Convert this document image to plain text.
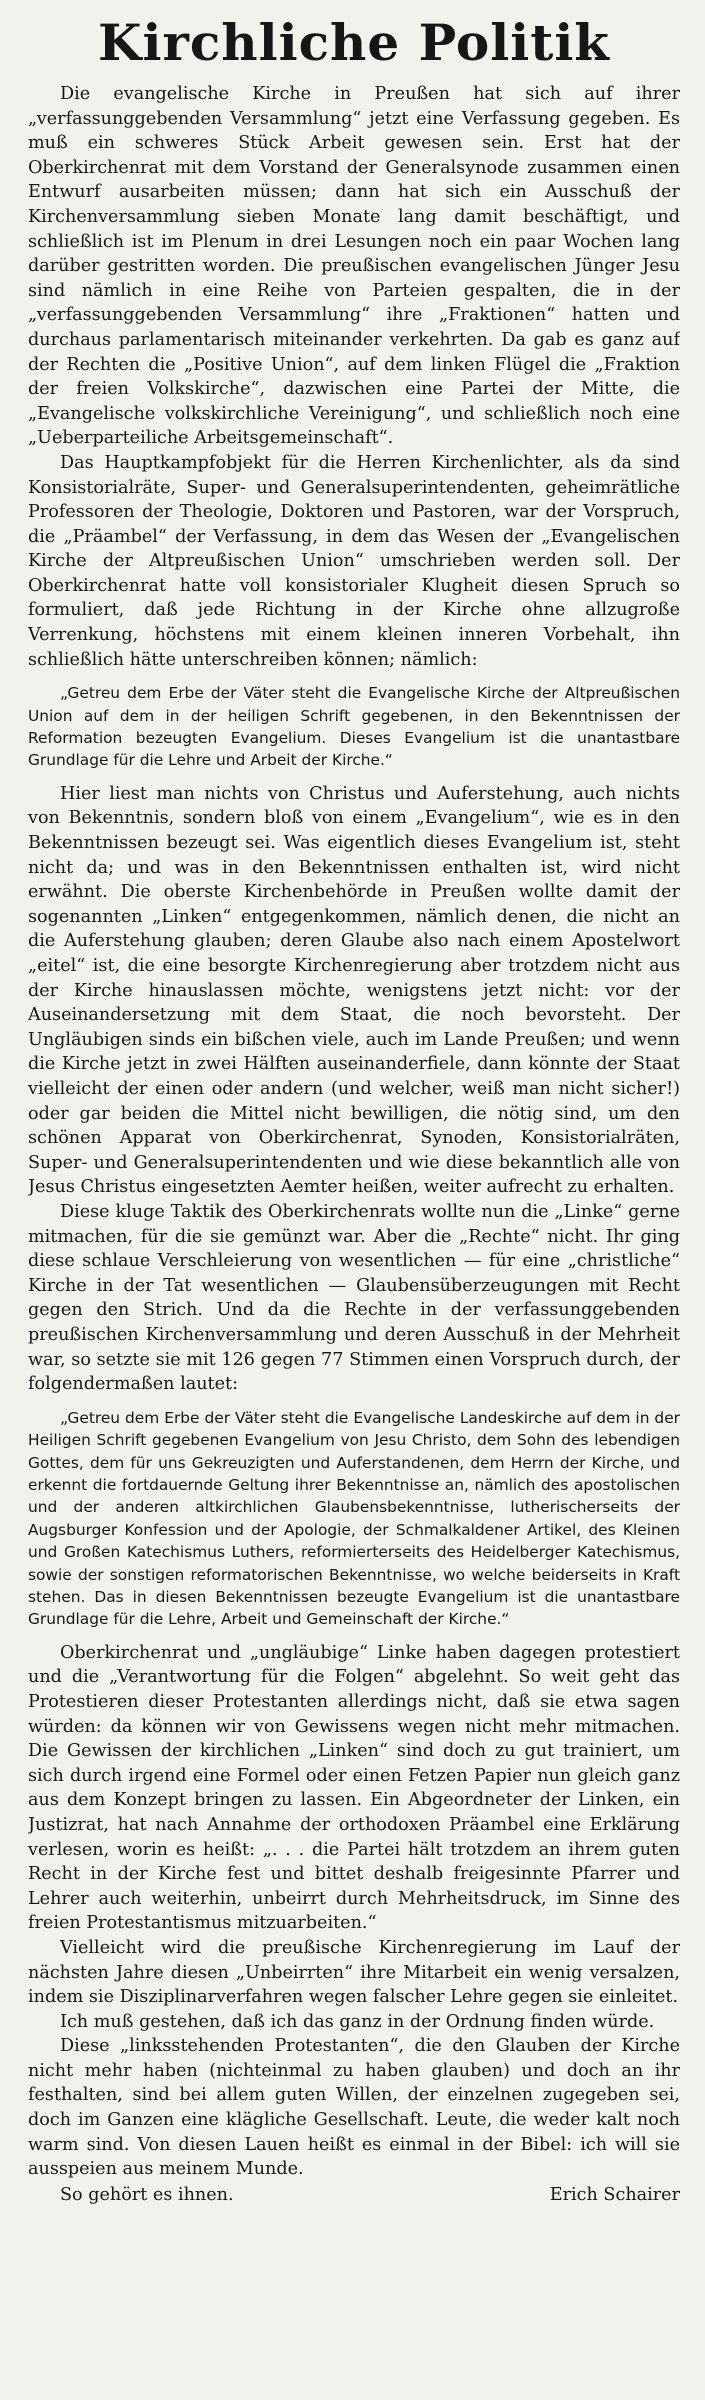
Kirchliche Politik

Die evangelische Kirche in Preußen hat sich auf ihrer „verfassunggebenden Versammlung“ jetzt eine Verfassung gegeben. Es muß ein schweres Stück Arbeit gewesen sein. Erst hat der Oberkirchenrat mit dem Vorstand der Generalsynode zusammen einen Entwurf ausarbeiten müssen; dann hat sich ein Ausschuß der Kirchenversammlung sieben Monate lang damit beschäftigt, und schließlich ist im Plenum in drei Lesungen noch ein paar Wochen lang darüber gestritten worden. Die preußischen evangelischen Jünger Jesu sind nämlich in eine Reihe von Parteien gespalten, die in der „verfassunggebenden Versammlung“ ihre „Fraktionen“ hatten und durchaus parlamentarisch miteinander verkehrten. Da gab es ganz auf der Rechten die „Positive Union“, auf dem linken Flügel die „Fraktion der freien Volkskirche“, dazwischen eine Partei der Mitte, die „Evangelische volkskirchliche Vereinigung“, und schließlich noch eine „Ueberparteiliche Arbeitsgemeinschaft“.

Das Hauptkampfobjekt für die Herren Kirchenlichter, als da sind Konsistorialräte, Super- und Generalsuperintendenten, geheimrätliche Professoren der Theologie, Doktoren und Pastoren, war der Vorspruch, die „Präambel“ der Verfassung, in dem das Wesen der „Evangelischen Kirche der Altpreußischen Union“ umschrieben werden soll. Der Oberkirchenrat hatte voll konsistorialer Klugheit diesen Spruch so formuliert, daß jede Richtung in der Kirche ohne allzugroße Verrenkung, höchstens mit einem kleinen inneren Vorbehalt, ihn schließlich hätte unterschreiben können; nämlich:

„Getreu dem Erbe der Väter steht die Evangelische Kirche der Altpreußischen Union auf dem in der heiligen Schrift gegebenen, in den Bekenntnissen der Reformation bezeugten Evangelium. Dieses Evangelium ist die unantastbare Grundlage für die Lehre und Arbeit der Kirche.“

Hier liest man nichts von Christus und Auferstehung, auch nichts von Bekenntnis, sondern bloß von einem „Evangelium“, wie es in den Bekenntnissen bezeugt sei. Was eigentlich dieses Evangelium ist, steht nicht da; und was in den Bekenntnissen enthalten ist, wird nicht erwähnt. Die oberste Kirchenbehörde in Preußen wollte damit der sogenannten „Linken“ entgegenkommen, nämlich denen, die nicht an die Auferstehung glauben; deren Glaube also nach einem Apostelwort „eitel“ ist, die eine besorgte Kirchenregierung aber trotzdem nicht aus der Kirche hinauslassen möchte, wenigstens jetzt nicht: vor der Auseinandersetzung mit dem Staat, die noch bevorsteht. Der Ungläubigen sinds ein bißchen viele, auch im Lande Preußen; und wenn die Kirche jetzt in zwei Hälften auseinanderfiele, dann könnte der Staat vielleicht der einen oder andern (und welcher, weiß man nicht sicher!) oder gar beiden die Mittel nicht bewilligen, die nötig sind, um den schönen Apparat von Oberkirchenrat, Synoden, Konsistorialräten, Super- und Generalsuperintendenten und wie diese bekanntlich alle von Jesus Christus eingesetzten Aemter heißen, weiter aufrecht zu erhalten.

Diese kluge Taktik des Oberkirchenrats wollte nun die „Linke“ gerne mitmachen, für die sie gemünzt war. Aber die „Rechte“ nicht. Ihr ging diese schlaue Verschleierung von wesentlichen — für eine „christliche“ Kirche in der Tat wesentlichen — Glaubensüberzeugungen mit Recht gegen den Strich. Und da die Rechte in der verfassunggebenden preußischen Kirchenversammlung und deren Ausschuß in der Mehrheit war, so setzte sie mit 126 gegen 77 Stimmen einen Vorspruch durch, der folgendermaßen lautet:

„Getreu dem Erbe der Väter steht die Evangelische Landeskirche auf dem in der Heiligen Schrift gegebenen Evangelium von Jesu Christo, dem Sohn des lebendigen Gottes, dem für uns Gekreuzigten und Auferstandenen, dem Herrn der Kirche, und erkennt die fortdauernde Geltung ihrer Bekenntnisse an, nämlich des apostolischen und der anderen altkirchlichen Glaubensbekenntnisse, lutherischerseits der Augsburger Konfession und der Apologie, der Schmalkaldener Artikel, des Kleinen und Großen Katechismus Luthers, reformierterseits des Heidelberger Katechismus, sowie der sonstigen reformatorischen Bekenntnisse, wo welche beiderseits in Kraft stehen. Das in diesen Bekenntnissen bezeugte Evangelium ist die unantastbare Grundlage für die Lehre, Arbeit und Gemeinschaft der Kirche.“

Oberkirchenrat und „ungläubige“ Linke haben dagegen protestiert und die „Verantwortung für die Folgen“ abgelehnt. So weit geht das Protestieren dieser Protestanten allerdings nicht, daß sie etwa sagen würden: da können wir von Gewissens wegen nicht mehr mitmachen. Die Gewissen der kirchlichen „Linken“ sind doch zu gut trainiert, um sich durch irgend eine Formel oder einen Fetzen Papier nun gleich ganz aus dem Konzept bringen zu lassen. Ein Abgeordneter der Linken, ein Justizrat, hat nach Annahme der orthodoxen Präambel eine Erklärung verlesen, worin es heißt: „. . . die Partei hält trotzdem an ihrem guten Recht in der Kirche fest und bittet deshalb freigesinnte Pfarrer und Lehrer auch weiterhin, unbeirrt durch Mehrheitsdruck, im Sinne des freien Protestantismus mitzuarbeiten.“

Vielleicht wird die preußische Kirchenregierung im Lauf der nächsten Jahre diesen „Unbeirrten“ ihre Mitarbeit ein wenig versalzen, indem sie Disziplinarverfahren wegen falscher Lehre gegen sie einleitet.

Ich muß gestehen, daß ich das ganz in der Ordnung finden würde.

Diese „linksstehenden Protestanten“, die den Glauben der Kirche nicht mehr haben (nichteinmal zu haben glauben) und doch an ihr festhalten, sind bei allem guten Willen, der einzelnen zugegeben sei, doch im Ganzen eine klägliche Gesellschaft. Leute, die weder kalt noch warm sind. Von diesen Lauen heißt es einmal in der Bibel: ich will sie ausspeien aus meinem Munde.

So gehört es ihnen.	Erich Schairer
